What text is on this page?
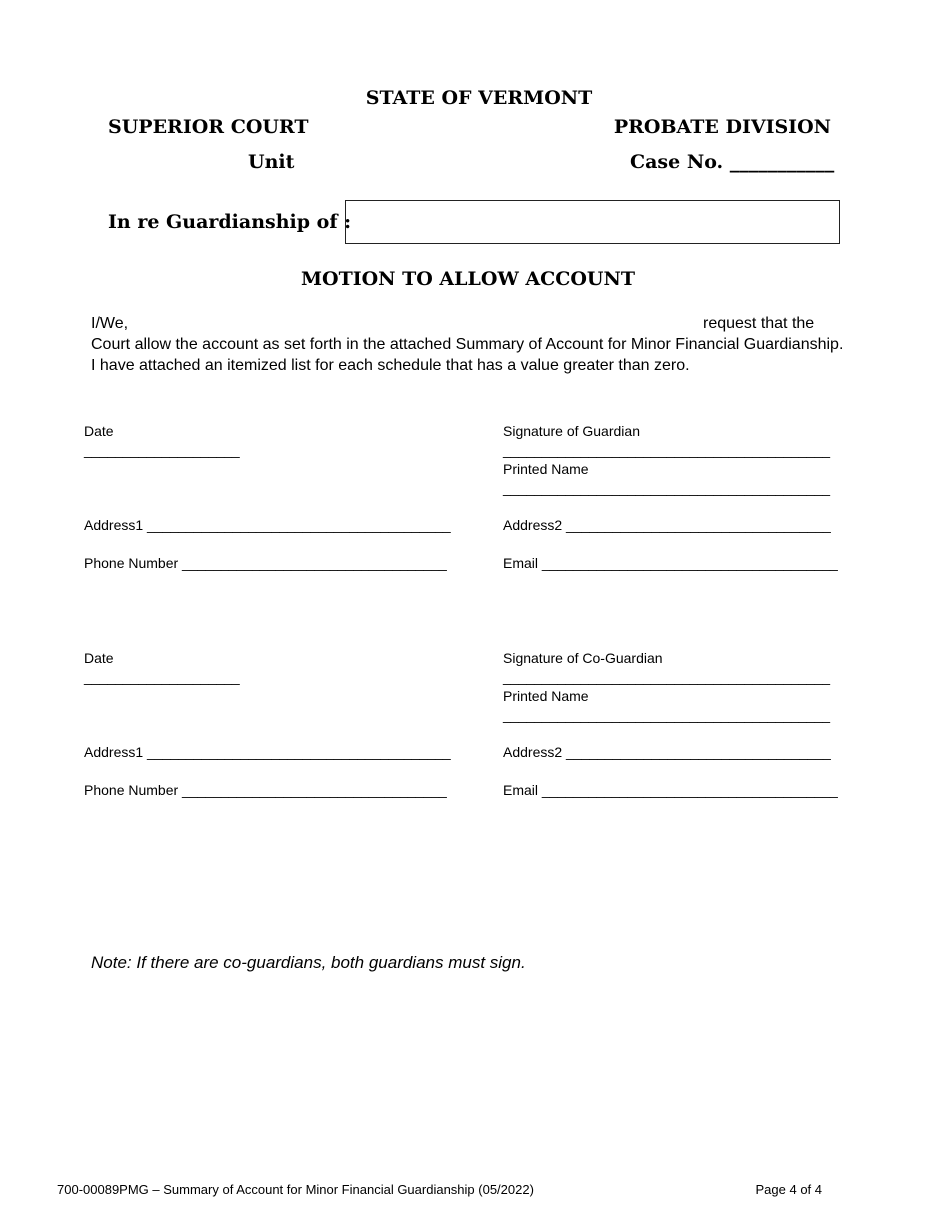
STATE OF VERMONT
SUPERIOR COURT	PROBATE DIVISION
Unit	Case No. ___________
In re Guardianship of :
MOTION TO ALLOW ACCOUNT
I/We,	request that the
Court allow the account as set forth in the attached Summary of Account for Minor Financial Guardianship.
I have attached an itemized list for each schedule that has a value greater than zero.
Date
____________________
Signature of Guardian
__________________________________________
Printed Name
__________________________________________
Address1 _______________________________________	Address2 __________________________________
Phone Number __________________________________	Email ______________________________________
Date
____________________
Signature of Co-Guardian
__________________________________________
Printed Name
__________________________________________
Address1 _______________________________________	Address2 __________________________________
Phone Number __________________________________	Email ______________________________________
Note: If there are co-guardians, both guardians must sign.
700-00089PMG – Summary of Account for Minor Financial Guardianship (05/2022)	Page 4 of 4
